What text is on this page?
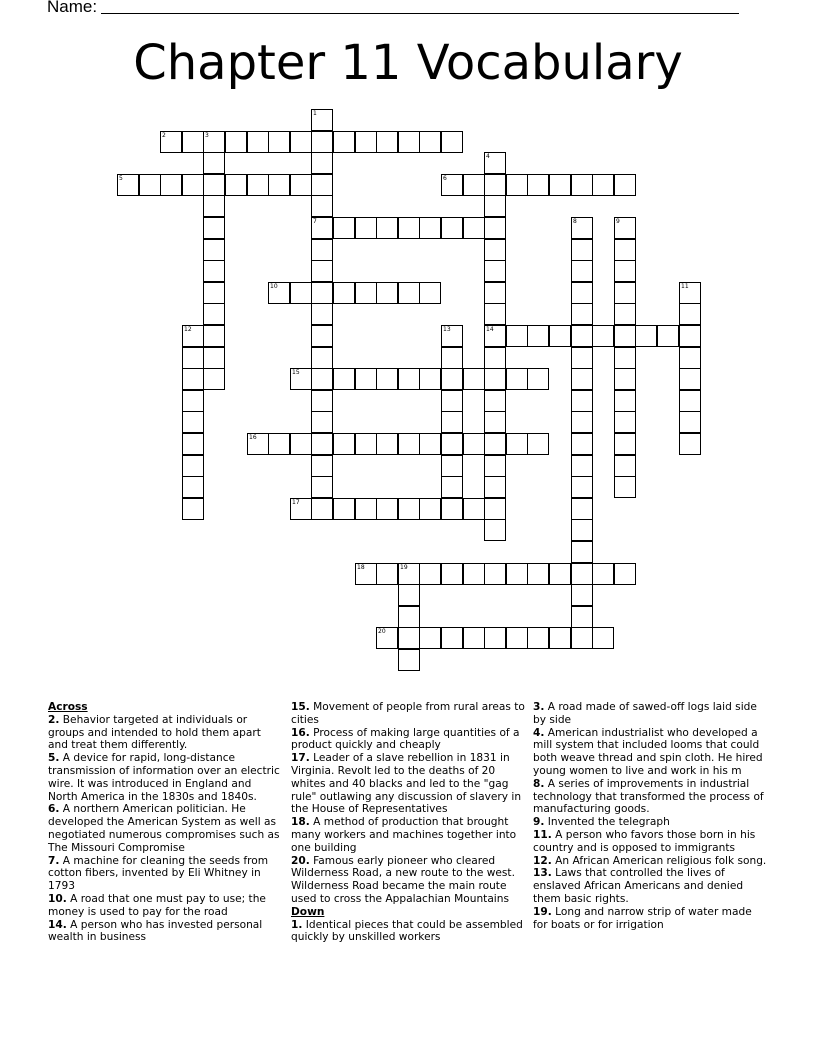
Name:
Chapter 11 Vocabulary
1
7
2	3
4
14
5	6
8	9
10	11
12	13
15
16
17
18	19
20
Across

2. Behavior targeted at individuals or groups and intended to hold them apart and treat them differently.

5. A device for rapid, long-distance transmission of information over an electric wire. It was introduced in England and North America in the 1830s and 1840s.

6. A northern American politician. He developed the American System as well as negotiated numerous compromises such as The Missouri Compromise

7. A machine for cleaning the seeds from cotton fibers, invented by Eli Whitney in 1793

10. A road that one must pay to use; the money is used to pay for the road

14. A person who has invested personal wealth in business

15. Movement of people from rural areas to cities

16. Process of making large quantities of a product quickly and cheaply

17. Leader of a slave rebellion in 1831 in Virginia. Revolt led to the deaths of 20 whites and 40 blacks and led to the "gag rule" outlawing any discussion of slavery in the House of Representatives

18. A method of production that brought many workers and machines together into one building

20. Famous early pioneer who cleared Wilderness Road, a new route to the west. Wilderness Road became the main route used to cross the Appalachian Mountains

Down

1. Identical pieces that could be assembled quickly by unskilled workers

3. A road made of sawed-off logs laid side by side

4. American industrialist who developed a mill system that included looms that could both weave thread and spin cloth. He hired young women to live and work in his m

8. A series of improvements in industrial technology that transformed the process of manufacturing goods.

9. Invented the telegraph

11. A person who favors those born in his country and is opposed to immigrants

12. An African American religious folk song.

13. Laws that controlled the lives of enslaved African Americans and denied them basic rights.

19. Long and narrow strip of water made for boats or for irrigation
